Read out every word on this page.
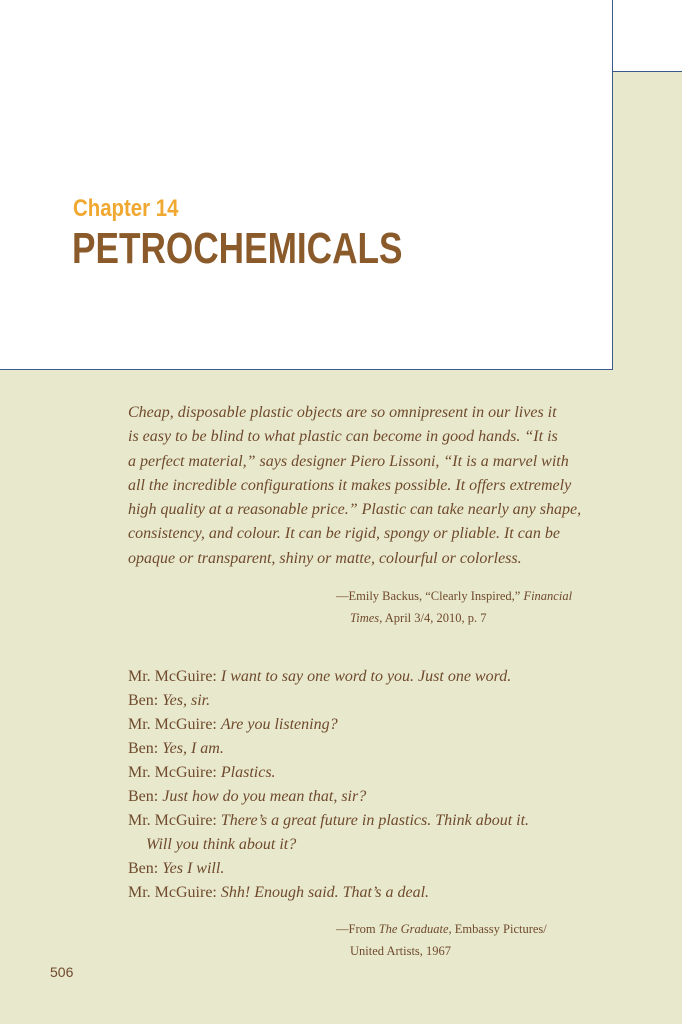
Chapter 14
PETROCHEMICALS
Cheap, disposable plastic objects are so omnipresent in our lives it
is easy to be blind to what plastic can become in good hands. “It is
a perfect material,” says designer Piero Lissoni, “It is a marvel with
all the incredible configurations it makes possible. It offers extremely
high quality at a reasonable price.” Plastic can take nearly any shape,
consistency, and colour. It can be rigid, spongy or pliable. It can be
opaque or transparent, shiny or matte, colourful or colorless.
—Emily Backus, “Clearly Inspired,” Financial
Times, April 3/4, 2010, p. 7
Mr. McGuire: I want to say one word to you. Just one word.
Ben: Yes, sir.
Mr. McGuire: Are you listening?
Ben: Yes, I am.
Mr. McGuire: Plastics.
Ben: Just how do you mean that, sir?
Mr. McGuire: There’s a great future in plastics. Think about it.
Will you think about it?
Ben: Yes I will.
Mr. McGuire: Shh! Enough said. That’s a deal.
—From The Graduate, Embassy Pictures/
United Artists, 1967
506
